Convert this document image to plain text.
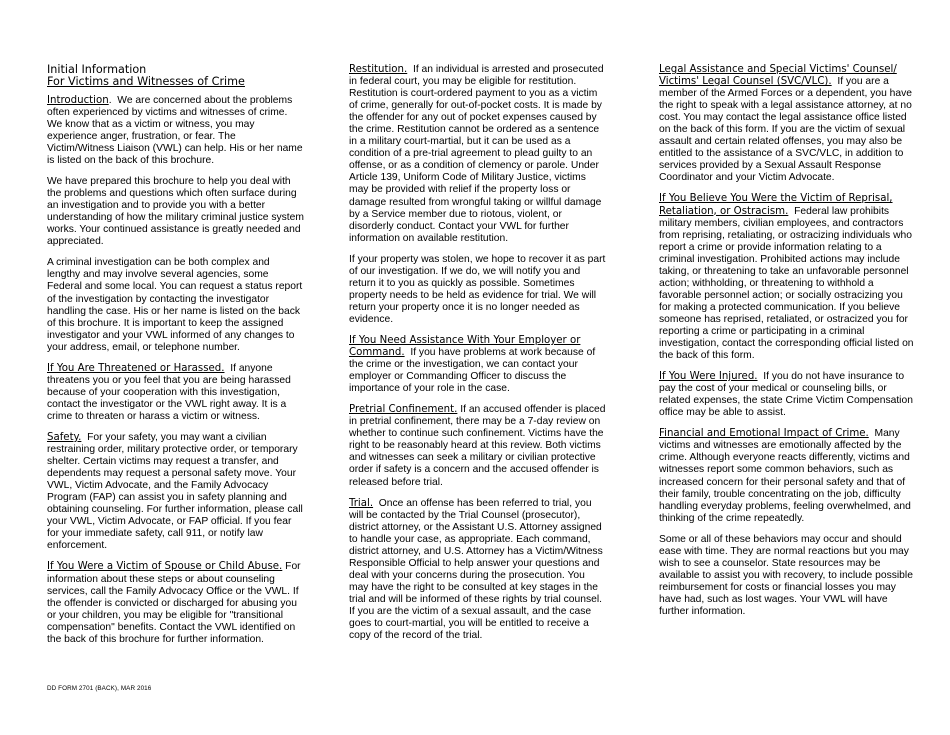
Initial Information
For Victims and Witnesses of Crime

Introduction.  We are concerned about the problems often experienced by victims and witnesses of crime. We know that as a victim or witness, you may experience anger, frustration, or fear. The Victim/Witness Liaison (VWL) can help. His or her name is listed on the back of this brochure.

We have prepared this brochure to help you deal with the problems and questions which often surface during an investigation and to provide you with a better understanding of how the military criminal justice system works. Your continued assistance is greatly needed and appreciated.

A criminal investigation can be both complex and lengthy and may involve several agencies, some Federal and some local. You can request a status report of the investigation by contacting the investigator handling the case. His or her name is listed on the back of this brochure. It is important to keep the assigned investigator and your VWL informed of any changes to your address, email, or telephone number.

If You Are Threatened or Harassed. If anyone threatens you or you feel that you are being harassed because of your cooperation with this investigation, contact the investigator or the VWL right away. It is a crime to threaten or harass a victim or witness.

Safety. For your safety, you may want a civilian restraining order, military protective order, or temporary shelter. Certain victims may request a transfer, and dependents may request a personal safety move. Your VWL, Victim Advocate, and the Family Advocacy Program (FAP) can assist you in safety planning and obtaining counseling. For further information, please call your VWL, Victim Advocate, or FAP official. If you fear for your immediate safety, call 911, or notify law enforcement.

If You Were a Victim of Spouse or Child Abuse. For information about these steps or about counseling services, call the Family Advocacy Office or the VWL. If the offender is convicted or discharged for abusing you or your children, you may be eligible for "transitional compensation" benefits. Contact the VWL identified on the back of this brochure for further information.

Restitution. If an individual is arrested and prosecuted in federal court, you may be eligible for restitution. Restitution is court-ordered payment to you as a victim of crime, generally for out-of-pocket costs. It is made by the offender for any out of pocket expenses caused by the crime. Restitution cannot be ordered as a sentence in a military court-martial, but it can be used as a condition of a pre-trial agreement to plead guilty to an offense, or as a condition of clemency or parole. Under Article 139, Uniform Code of Military Justice, victims may be provided with relief if the property loss or damage resulted from wrongful taking or willful damage by a Service member due to riotous, violent, or disorderly conduct. Contact your VWL for further information on available restitution.

If your property was stolen, we hope to recover it as part of our investigation. If we do, we will notify you and return it to you as quickly as possible. Sometimes property needs to be held as evidence for trial. We will return your property once it is no longer needed as evidence.

If You Need Assistance With Your Employer or Command. If you have problems at work because of the crime or the investigation, we can contact your employer or Commanding Officer to discuss the importance of your role in the case.

Pretrial Confinement. If an accused offender is placed in pretrial confinement, there may be a 7-day review on whether to continue such confinement. Victims have the right to be reasonably heard at this review. Both victims and witnesses can seek a military or civilian protective order if safety is a concern and the accused offender is released before trial.

Trial. Once an offense has been referred to trial, you will be contacted by the Trial Counsel (prosecutor), district attorney, or the Assistant U.S. Attorney assigned to handle your case, as appropriate. Each command, district attorney, and U.S. Attorney has a Victim/Witness Responsible Official to help answer your questions and deal with your concerns during the prosecution. You may have the right to be consulted at key stages in the trial and will be informed of these rights by trial counsel. If you are the victim of a sexual assault, and the case goes to court-martial, you will be entitled to receive a copy of the record of the trial.

Legal Assistance and Special Victims' Counsel/ Victims' Legal Counsel (SVC/VLC). If you are a member of the Armed Forces or a dependent, you have the right to speak with a legal assistance attorney, at no cost. You may contact the legal assistance office listed on the back of this form. If you are the victim of sexual assault and certain related offenses, you may also be entitled to the assistance of a SVC/VLC, in addition to services provided by a Sexual Assault Response Coordinator and your Victim Advocate.

If You Believe You Were the Victim of Reprisal, Retaliation, or Ostracism. Federal law prohibits military members, civilian employees, and contractors from reprising, retaliating, or ostracizing individuals who report a crime or provide information relating to a criminal investigation. Prohibited actions may include taking, or threatening to take an unfavorable personnel action; withholding, or threatening to withhold a favorable personnel action; or socially ostracizing you for making a protected communication. If you believe someone has reprised, retaliated, or ostracized you for reporting a crime or participating in a criminal investigation, contact the corresponding official listed on the back of this form.

If You Were Injured. If you do not have insurance to pay the cost of your medical or counseling bills, or related expenses, the state Crime Victim Compensation office may be able to assist.

Financial and Emotional Impact of Crime. Many victims and witnesses are emotionally affected by the crime. Although everyone reacts differently, victims and witnesses report some common behaviors, such as increased concern for their personal safety and that of their family, trouble concentrating on the job, difficulty handling everyday problems, feeling overwhelmed, and thinking of the crime repeatedly.

Some or all of these behaviors may occur and should ease with time. They are normal reactions but you may wish to see a counselor. State resources may be available to assist you with recovery, to include possible reimbursement for costs or financial losses you may have had, such as lost wages. Your VWL will have further information.

DD FORM 2701 (BACK), MAR 2016
